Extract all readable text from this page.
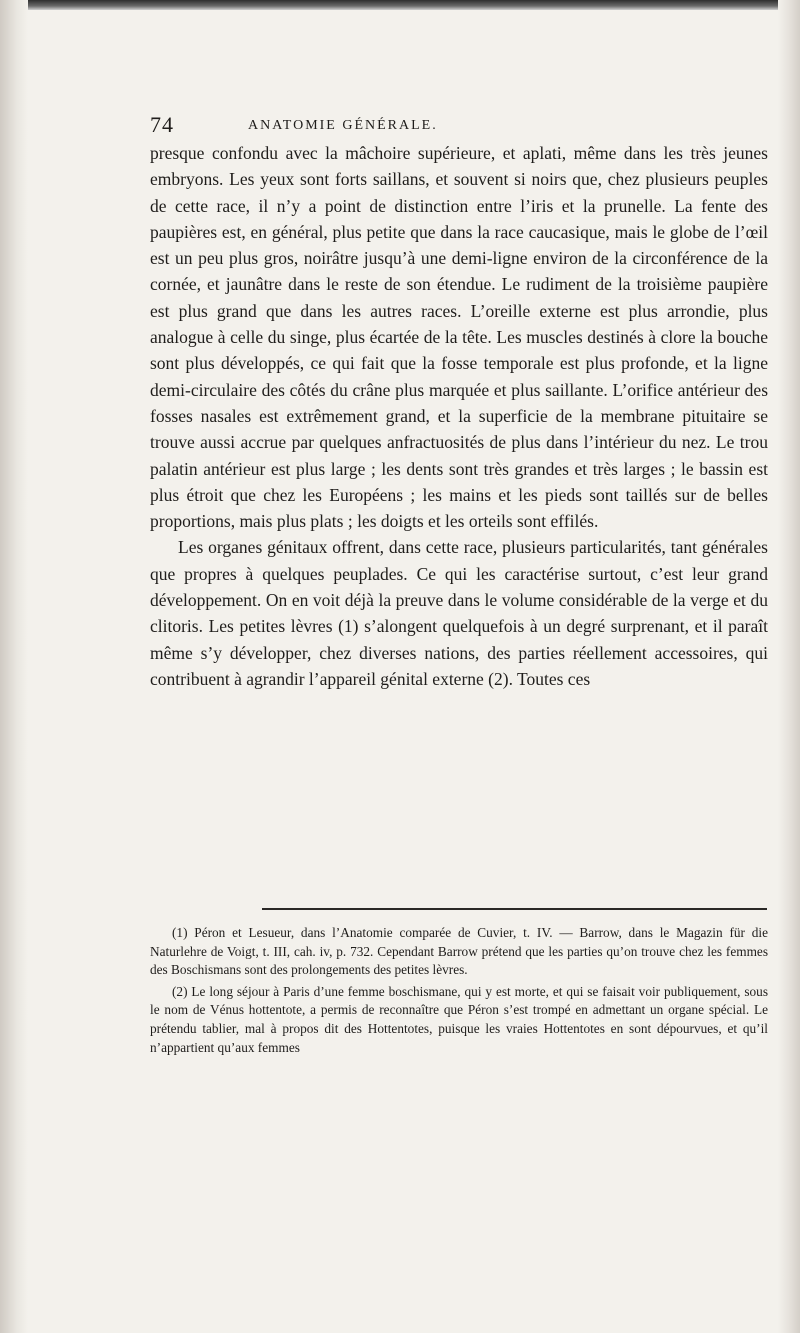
74	ANATOMIE GÉNÉRALE.

presque confondu avec la mâchoire supérieure, et aplati, même dans les très jeunes embryons. Les yeux sont forts saillans, et souvent si noirs que, chez plusieurs peuples de cette race, il n’y a point de distinction entre l’iris et la prunelle. La fente des paupières est, en général, plus petite que dans la race caucasique, mais le globe de l’œil est un peu plus gros, noirâtre jusqu’à une demi-ligne environ de la circonférence de la cornée, et jaunâtre dans le reste de son étendue. Le rudiment de la troisième paupière est plus grand que dans les autres races. L’oreille externe est plus arrondie, plus analogue à celle du singe, plus écartée de la tête. Les muscles destinés à clore la bouche sont plus développés, ce qui fait que la fosse temporale est plus profonde, et la ligne demi-circulaire des côtés du crâne plus marquée et plus saillante. L’orifice antérieur des fosses nasales est extrêmement grand, et la superficie de la membrane pituitaire se trouve aussi accrue par quelques anfractuosités de plus dans l’intérieur du nez. Le trou palatin antérieur est plus large ; les dents sont très grandes et très larges ; le bassin est plus étroit que chez les Européens ; les mains et les pieds sont taillés sur de belles proportions, mais plus plats ; les doigts et les orteils sont effilés.

Les organes génitaux offrent, dans cette race, plusieurs particularités, tant générales que propres à quelques peuplades. Ce qui les caractérise surtout, c’est leur grand développement. On en voit déjà la preuve dans le volume considérable de la verge et du clitoris. Les petites lèvres (1) s’alongent quelquefois à un degré surprenant, et il paraît même s’y développer, chez diverses nations, des parties réellement accessoires, qui contribuent à agrandir l’appareil génital externe (2). Toutes ces

(1) Péron et Lesueur, dans l’Anatomie comparée de Cuvier, t. IV. — Barrow, dans le Magazin für die Naturlehre de Voigt, t. III, cah. iv, p. 732. Cependant Barrow prétend que les parties qu’on trouve chez les femmes des Boschismans sont des prolongements des petites lèvres.

(2) Le long séjour à Paris d’une femme boschismane, qui y est morte, et qui se faisait voir publiquement, sous le nom de Vénus hottentote, a permis de reconnaître que Péron s’est trompé en admettant un organe spécial. Le prétendu tablier, mal à propos dit des Hottentotes, puisque les vraies Hottentotes en sont dépourvues, et qu’il n’appartient qu’aux femmes
